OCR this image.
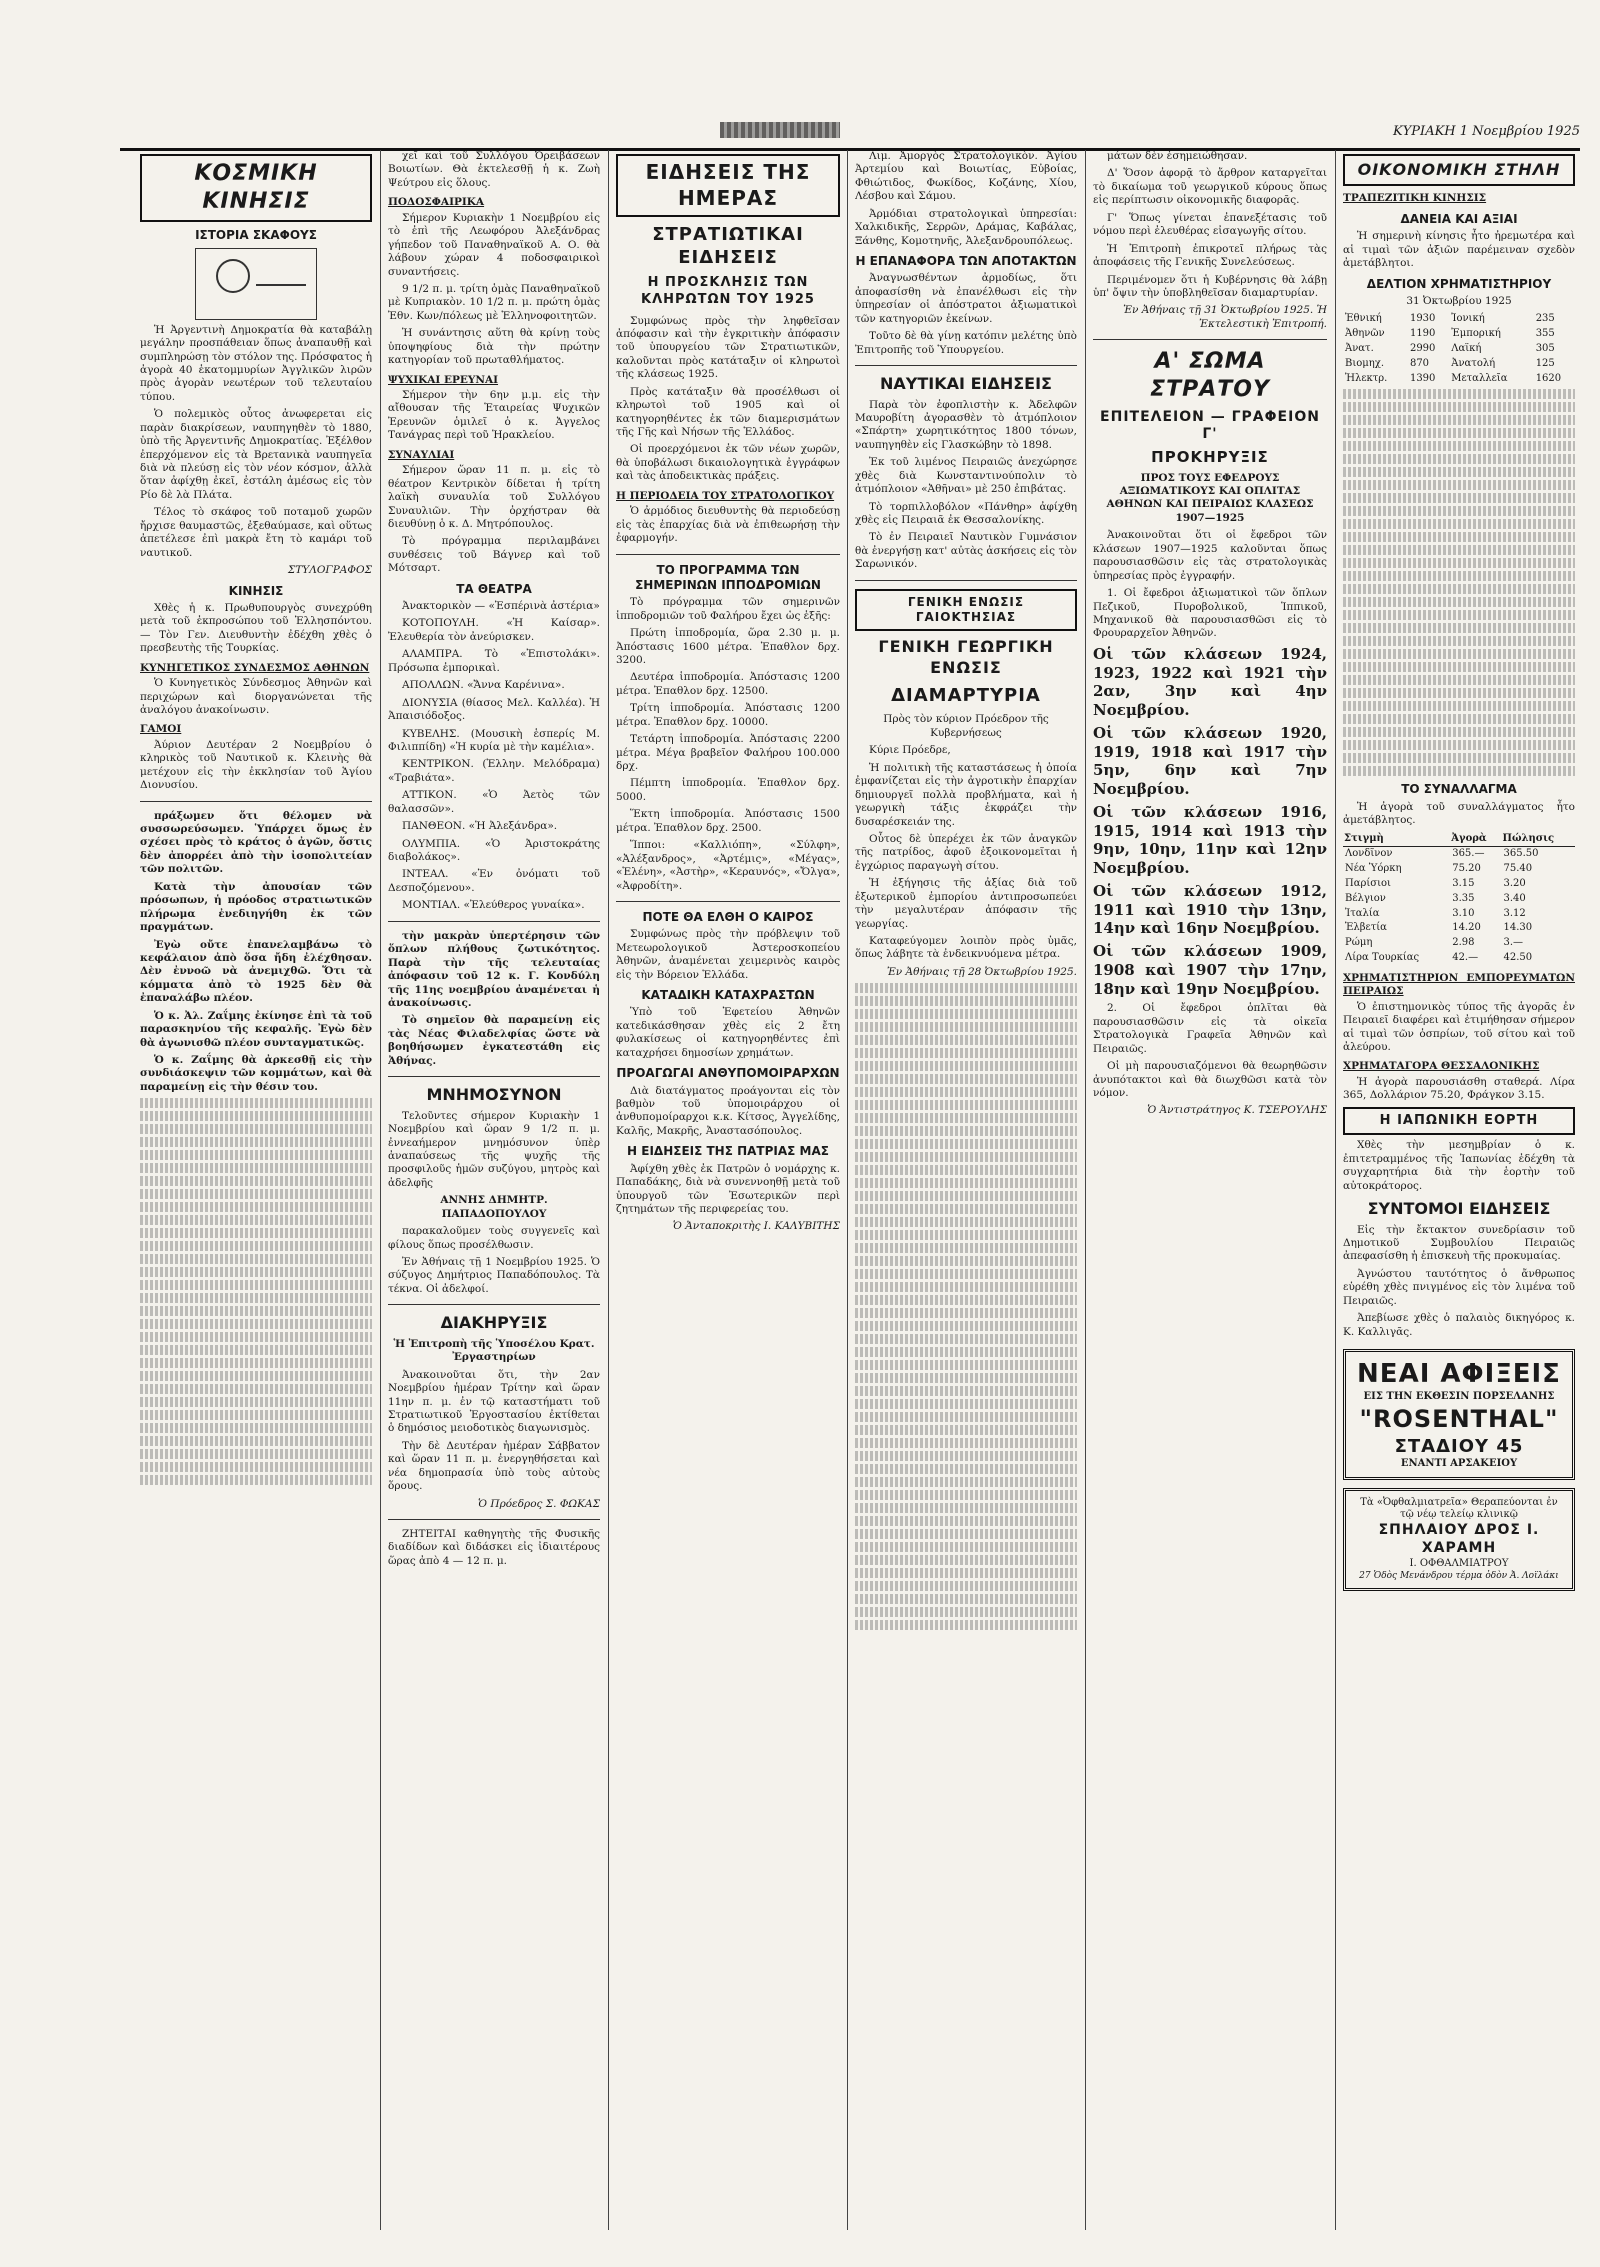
ΚΥΡΙΑΚΗ 1 Νοεμβρίου 1925
ΚΟΣΜΙΚΗ ΚΙΝΗΣΙΣ
ΙΣΤΟΡΙΑ ΣΚΑΦΟΥΣ

Ἡ Ἀργεντινὴ Δημοκρατία θὰ καταβάλῃ μεγάλην προσπάθειαν ὅπως ἀναπαυθῇ καὶ συμπληρώσῃ τὸν στόλον της. Πρόσφατος ἡ ἀγορὰ 40 ἑκατομμυρίων Ἀγγλικῶν λιρῶν πρὸς ἀγορὰν νεωτέρων τοῦ τελευταίου τύπου.

Ὁ πολεμικὸς οὗτος ἀνωφερεται εἰς παρὰν διακρίσεων, ναυπηγηθὲν τὸ 1880, ὑπὸ τῆς Ἀργεντινῆς Δημοκρατίας. Ἐξέλθον ἐπερχόμενον εἰς τὰ Βρετανικὰ ναυπηγεῖα διὰ νὰ πλεύσῃ εἰς τὸν νέον κόσμον, ἀλλὰ ὅταν ἀφίχθῃ ἐκεῖ, ἐστάλη ἀμέσως εἰς τὸν Ρίο δὲ λὰ Πλάτα.

Τέλος τὸ σκάφος τοῦ ποταμοῦ χωρῶν ἤρχισε θαυμαστῶς, ἐξεθαύμασε, καὶ οὕτως ἀπετέλεσε ἐπὶ μακρὰ ἔτη τὸ καμάρι τοῦ ναυτικοῦ.

ΣΤΥΛΟΓΡΑΦΟΣ

ΚΙΝΗΣΙΣ

Χθὲς ἡ κ. Πρωθυπουργὸς συνεχρύθη μετὰ τοῦ ἐκπροσώπου τοῦ Ἑλλησπόντου. — Τὸν Γεν. Διευθυντὴν ἐδέχθη χθὲς ὁ πρεσβευτὴς τῆς Τουρκίας.

ΚΥΝΗΓΕΤΙΚΟΣ ΣΥΝΔΕΣΜΟΣ ΑΘΗΝΩΝ

Ὁ Κυνηγετικὸς Σύνδεσμος Ἀθηνῶν καὶ περιχώρων καὶ διοργανώνεται τῆς ἀναλόγου ἀνακοίνωσιν.

ΓΑΜΟΙ

Ἀύριον Δευτέραν 2 Νοεμβρίου ὁ κληρικὸς τοῦ Ναυτικοῦ κ. Κλεινὴς θὰ μετέχουν εἰς τὴν ἐκκλησίαν τοῦ Ἁγίου Διονυσίου.

πράξωμεν ὅτι θέλομεν νὰ συσσωρεύσωμεν. Ὑπάρχει ὅμως ἐν σχέσει πρὸς τὸ κράτος ὁ ἀγῶν, ὅστις δὲν ἀπορρέει ἀπὸ τὴν ἰσοπολιτείαν τῶν πολιτῶν.

Κατὰ τὴν ἀπουσίαν τῶν πρόσωπων, ἡ πρόοδος στρατιωτικῶν πλήρωμα ἐνεδιηγήθη ἐκ τῶν πραγμάτων.

Ἐγὼ οὔτε ἐπανελαμβάνω τὸ κεφάλαιον ἀπὸ ὅσα ἤδη ἐλέχθησαν. Δὲν ἐννοῶ νὰ ἀνεμιχθῶ. Ὅτι τὰ κόμματα ἀπὸ τὸ 1925 δὲν θὰ ἐπαναλάβω πλέον.

Ὁ κ. Ἀλ. Ζαΐμης ἐκίνησε ἐπὶ τὰ τοῦ παρασκηνίου τῆς κεφαλῆς. Ἐγὼ δὲν θὰ ἀγωνισθῶ πλέον συνταγματικῶς.

Ὁ κ. Ζαΐμης θὰ ἀρκεσθῇ εἰς τὴν συνδιάσκεψιν τῶν κομμάτων, καὶ θὰ παραμείνῃ εἰς τὴν θέσιν του.

χεῖ καὶ τοῦ Συλλόγου Ὀρειβάσεων Βοιωτίων. Θὰ ἐκτελεσθῇ ἡ κ. Ζωὴ Ψεύτρου εἰς ὅλους.

ΠΟΔΟΣΦΑΙΡΙΚΑ

Σήμερον Κυριακὴν 1 Νοεμβρίου εἰς τὸ ἐπὶ τῆς Λεωφόρου Ἀλεξάνδρας γήπεδον τοῦ Παναθηναϊκοῦ Α. Ο. θὰ λάβουν χώραν 4 ποδοσφαιρικοὶ συναντήσεις.

9 1/2 π. μ. τρίτη ὁμὰς Παναθηναϊκοῦ μὲ Κυπριακὸν. 10 1/2 π. μ. πρώτη ὁμὰς Ἐθν. Κων/πόλεως μὲ Ἑλληνοφοιτητῶν.

Ἡ συνάντησις αὕτη θὰ κρίνῃ τοὺς ὑποψηφίους διὰ τὴν πρώτην κατηγορίαν τοῦ πρωταθλήματος.

ΨΥΧΙΚΑΙ ΕΡΕΥΝΑΙ

Σήμερον τὴν 6ην μ.μ. εἰς τὴν αἴθουσαν τῆς Ἑταιρείας Ψυχικῶν Ἐρευνῶν ὁμιλεῖ ὁ κ. Ἀγγελος Τανάγρας περὶ τοῦ Ἡρακλείου.

ΣΥΝΑΥΛΙΑΙ

Σήμερον ὥραν 11 π. μ. εἰς τὸ θέατρον Κεντρικὸν δίδεται ἡ τρίτη λαϊκὴ συναυλία τοῦ Συλλόγου Συναυλιῶν. Τὴν ὀρχήστραν θὰ διευθύνῃ ὁ κ. Δ. Μητρόπουλος.

Τὸ πρόγραμμα περιλαμβάνει συνθέσεις τοῦ Βάγνερ καὶ τοῦ Μότσαρτ.

ΤΑ ΘΕΑΤΡΑ

Ἀνακτορικὸν — «Ἐσπέρινὰ ἀστέρια»

ΚΟΤΟΠΟΥΛΗ. «Ἡ Καίσαρ». Ἐλευθερία τὸν ἀνεύρισκεν.

ΑΛΑΜΠΡΑ. Τὸ «Ἐπιστολάκι». Πρόσωπα ἐμπορικαὶ.

ΑΠΟΛΛΩΝ. «Ἄννα Καρένινα».

ΔΙΟΝΥΣΙΑ (θίασος Μελ. Καλλέα). Ἡ Ἀπαισιόδοξος.

ΚΥΒΕΛΗΣ. (Μουσικὴ ἑσπερίς Μ. Φιλιππίδη) «Ἡ κυρία μὲ τὴν καμέλια».

ΚΕΝΤΡΙΚΟΝ. (Ἑλλην. Μελόδραμα) «Τραβιάτα».

ΑΤΤΙΚΟΝ. «Ὁ Ἀετὸς τῶν θαλασσῶν».

ΠΑΝΘΕΟΝ. «Ἡ Ἀλεξάνδρα».

ΟΛΥΜΠΙΑ. «Ὁ Ἀριστοκράτης διαβολάκος».

ΙΝΤΕΑΛ. «Ἐν ὀνόματι τοῦ Δεσποζόμενου».

ΜΟΝΤΙΑΛ. «Ἐλεύθερος γυναίκα».

τὴν μακρὰν ὑπερτέρησιν τῶν ὅπλων πλήθους ζωτικότητος. Παρὰ τὴν τῆς τελευταίας ἀπόφασιν τοῦ 12 κ. Γ. Κονδύλη τῆς 11ης νοεμβρίου ἀναμένεται ἡ ἀνακοίνωσις.

Τὸ σημεῖον θὰ παραμείνῃ εἰς τὰς Νέας Φιλαδελφίας ὥστε νὰ βοηθήσωμεν ἐγκατεστάθη εἰς Ἀθήνας.

ΜΝΗΜΟΣΥΝΟΝ

Τελοῦντες σήμερον Κυριακὴν 1 Νοεμβρίου καὶ ὥραν 9 1/2 π. μ. ἐννεαήμερον μνημόσυνον ὑπὲρ ἀναπαύσεως τῆς ψυχῆς τῆς προσφιλοῦς ἡμῶν συζύγου, μητρὸς καὶ ἀδελφῆς

ΑΝΝΗΣ ΔΗΜΗΤΡ. ΠΑΠΑΔΟΠΟΥΛΟΥ

παρακαλοῦμεν τοὺς συγγενεῖς καὶ φίλους ὅπως προσέλθωσιν.

Ἐν Ἀθήναις τῇ 1 Νοεμβρίου 1925. Ὁ σύζυγος Δημήτριος Παπαδόπουλος. Τὰ τέκνα. Οἱ ἀδελφοί.

ΔΙΑΚΗΡΥΞΙΣ

Ἡ Ἐπιτροπὴ τῆς Ὑποσέλου Κρατ. Ἐργαστηρίων

Ἀνακοινοῦται ὅτι, τὴν 2αν Νοεμβρίου ἡμέραν Τρίτην καὶ ὥραν 11ην π. μ. ἐν τῷ καταστήματι τοῦ Στρατιωτικοῦ Ἐργοστασίου ἐκτίθεται ὁ δημόσιος μειοδοτικὸς διαγωνισμὸς.

Τὴν δὲ Δευτέραν ἡμέραν Σάββατον καὶ ὥραν 11 π. μ. ἐνεργηθήσεται καὶ νέα δημοπρασία ὑπὸ τοὺς αὐτοὺς ὅρους.

Ὁ Πρόεδρος Σ. ΦΩΚΑΣ

ΖΗΤΕΙΤΑΙ καθηγητὴς τῆς Φυσικῆς διαδίδων καὶ διδάσκει εἰς ἰδιαιτέρους ὥρας ἀπὸ 4 — 12 π. μ.

ΕΙΔΗΣΕΙΣ ΤΗΣ ΗΜΕΡΑΣ
ΣΤΡΑΤΙΩΤΙΚΑΙ ΕΙΔΗΣΕΙΣ
Η ΠΡΟΣΚΛΗΣΙΣ ΤΩΝ ΚΛΗΡΩΤΩΝ ΤΟΥ 1925

Συμφώνως πρὸς τὴν ληφθεῖσαν ἀπόφασιν καὶ τὴν ἐγκριτικὴν ἀπόφασιν τοῦ ὑπουργείου τῶν Στρατιωτικῶν, καλοῦνται πρὸς κατάταξιν οἱ κληρωτοὶ τῆς κλάσεως 1925.

Πρὸς κατάταξιν θὰ προσέλθωσι οἱ κληρωτοὶ τοῦ 1905 καὶ οἱ κατηγορηθέντες ἐκ τῶν διαμερισμάτων τῆς Γῆς καὶ Νήσων τῆς Ἑλλάδος.

Οἱ προερχόμενοι ἐκ τῶν νέων χωρῶν, θὰ ὑποβάλωσι δικαιολογητικὰ ἐγγράφων καὶ τὰς ἀποδεικτικὰς πράξεις.

Η ΠΕΡΙΟΔΕΙΑ ΤΟΥ ΣΤΡΑΤΟΛΟΓΙΚΟΥ

Ὁ ἀρμόδιος διευθυντὴς θὰ περιοδεύσῃ εἰς τὰς ἐπαρχίας διὰ νὰ ἐπιθεωρήσῃ τὴν ἐφαρμογήν.

ΤΟ ΠΡΟΓΡΑΜΜΑ ΤΩΝ ΣΗΜΕΡΙΝΩΝ ΙΠΠΟΔΡΟΜΙΩΝ

Τὸ πρόγραμμα τῶν σημερινῶν ἱπποδρομιῶν τοῦ Φαλήρου ἔχει ὡς ἑξῆς:

Πρώτη ἱπποδρομία, ὥρα 2.30 μ. μ. Ἀπόστασις 1600 μέτρα. Ἐπαθλον δρχ. 3200.

Δευτέρα ἱπποδρομία. Ἀπόστασις 1200 μέτρα. Ἐπαθλον δρχ. 12500.

Τρίτη ἱπποδρομία. Ἀπόστασις 1200 μέτρα. Ἐπαθλον δρχ. 10000.

Τετάρτη ἱπποδρομία. Ἀπόστασις 2200 μέτρα. Μέγα βραβεῖον Φαλήρου 100.000 δρχ.

Πέμπτη ἱπποδρομία. Ἐπαθλον δρχ. 5000.

Ἕκτη ἱπποδρομία. Ἀπόστασις 1500 μέτρα. Ἐπαθλον δρχ. 2500.

Ἵπποι: «Καλλιόπη», «Σύλφη», «Ἀλέξανδρος», «Ἀρτέμις», «Μέγας», «Ἑλένη», «Ἀστὴρ», «Κεραυνός», «Ὄλγα», «Ἀφροδίτη».

ΠΟΤΕ ΘΑ ΕΛΘΗ Ο ΚΑΙΡΟΣ

Συμφώνως πρὸς τὴν πρόβλεψιν τοῦ Μετεωρολογικοῦ Ἀστεροσκοπείου Ἀθηνῶν, ἀναμένεται χειμερινὸς καιρὸς εἰς τὴν Βόρειον Ἑλλάδα.

ΚΑΤΑΔΙΚΗ ΚΑΤΑΧΡΑΣΤΩΝ

Ὑπὸ τοῦ Ἐφετείου Ἀθηνῶν κατεδικάσθησαν χθὲς εἰς 2 ἔτη φυλακίσεως οἱ κατηγορηθέντες ἐπὶ καταχρήσει δημοσίων χρημάτων.

ΠΡΟΑΓΩΓΑΙ ΑΝΘΥΠΟΜΟΙΡΑΡΧΩΝ

Διὰ διατάγματος προάγονται εἰς τὸν βαθμὸν τοῦ ὑπομοιράρχου οἱ ἀνθυπομοίραρχοι κ.κ. Κίτσος, Ἀγγελίδης, Καλῆς, Μακρῆς, Ἀναστασόπουλος.

Η ΕΙΔΗΣΕΙΣ ΤΗΣ ΠΑΤΡΙΑΣ ΜΑΣ

Ἀφίχθη χθὲς ἐκ Πατρῶν ὁ νομάρχης κ. Παπαδάκης, διὰ νὰ συνεννοηθῇ μετὰ τοῦ ὑπουργοῦ τῶν Ἐσωτερικῶν περὶ ζητημάτων τῆς περιφερείας του.

Ὁ Ἀνταποκριτὴς Ι. ΚΑΛΥΒΙΤΗΣ

Λιμ. Ἀμοργὸς Στρατολογικὸν. Ἀγίου Ἀρτεμίου καὶ Βοιωτίας, Εὐβοίας, Φθιώτιδος, Φωκίδος, Κοζάνης, Χίου, Λέσβου καὶ Σάμου.

Ἀρμόδιαι στρατολογικαὶ ὑπηρεσίαι: Χαλκιδικῆς, Σερρῶν, Δράμας, Καβάλας, Ξάνθης, Κομοτηνῆς, Ἀλεξανδρουπόλεως.

Η ΕΠΑΝΑΦΟΡΑ ΤΩΝ ΑΠΟΤΑΚΤΩΝ

Ἀναγνωσθέντων ἀρμοδίως, ὅτι ἀποφασίσθη νὰ ἐπανέλθωσι εἰς τὴν ὑπηρεσίαν οἱ ἀπόστρατοι ἀξιωματικοὶ τῶν κατηγοριῶν ἐκείνων.

Τοῦτο δὲ θὰ γίνῃ κατόπιν μελέτης ὑπὸ Ἐπιτροπῆς τοῦ Ὑπουργείου.

ΝΑΥΤΙΚΑΙ ΕΙΔΗΣΕΙΣ

Παρὰ τὸν ἐφοπλιστὴν κ. Ἀδελφῶν Μαυροβίτη ἀγορασθὲν τὸ ἀτμόπλοιον «Σπάρτη» χωρητικότητος 1800 τόνων, ναυπηγηθὲν εἰς Γλασκώβην τὸ 1898.

Ἐκ τοῦ λιμένος Πειραιῶς ἀνεχώρησε χθὲς διὰ Κωνσταντινούπολιν τὸ ἀτμόπλοιον «Ἀθῆναι» μὲ 250 ἐπιβάτας.

Τὸ τορπιλλοβόλον «Πάνθηρ» ἀφίχθη χθὲς εἰς Πειραιᾶ ἐκ Θεσσαλονίκης.

Τὸ ἐν Πειραιεῖ Ναυτικὸν Γυμνάσιον θὰ ἐνεργήσῃ κατ' αὐτὰς ἀσκήσεις εἰς τὸν Σαρωνικόν.

ΓΕΝΙΚΗ ΕΝΩΣΙΣ ΓΑΙΟΚΤΗΣΙΑΣ
ΓΕΝΙΚΗ ΓΕΩΡΓΙΚΗ ΕΝΩΣΙΣ
ΔΙΑΜΑΡΤΥΡΙΑ

Πρὸς τὸν κύριον Πρόεδρον τῆς Κυβερνήσεως

Κύριε Πρόεδρε,

Ἡ πολιτικὴ τῆς καταστάσεως ἡ ὁποία ἐμφανίζεται εἰς τὴν ἀγροτικὴν ἐπαρχίαν δημιουργεῖ πολλὰ προβλήματα, καὶ ἡ γεωργικὴ τάξις ἐκφράζει τὴν δυσαρέσκειάν της.

Οὗτος δὲ ὑπερέχει ἐκ τῶν ἀναγκῶν τῆς πατρίδος, ἀφοῦ ἐξοικονομεῖται ἡ ἐγχώριος παραγωγὴ σίτου.

Ἡ ἐξήγησις τῆς ἀξίας διὰ τοῦ ἐξωτερικοῦ ἐμπορίου ἀντιπροσωπεύει τὴν μεγαλυτέραν ἀπόφασιν τῆς γεωργίας.

Καταφεύγομεν λοιπὸν πρὸς ὑμᾶς, ὅπως λάβητε τὰ ἐνδεικνυόμενα μέτρα.

Ἐν Ἀθήναις τῇ 28 Ὀκτωβρίου 1925.

μάτων δὲν ἐσημειώθησαν.

Δ' Ὅσον ἀφορᾷ τὸ ἄρθρον καταργεῖται τὸ δικαίωμα τοῦ γεωργικοῦ κύρους ὅπως εἰς περίπτωσιν οἰκονομικῆς διαφορᾶς.

Γ' Ὅπως γίνεται ἐπανεξέτασις τοῦ νόμου περὶ ἐλευθέρας εἰσαγωγῆς σίτου.

Ἡ Ἐπιτροπὴ ἐπικροτεῖ πλήρως τὰς ἀποφάσεις τῆς Γενικῆς Συνελεύσεως.

Περιμένομεν ὅτι ἡ Κυβέρνησις θὰ λάβῃ ὑπ' ὄψιν τὴν ὑποβληθεῖσαν διαμαρτυρίαν.

Ἐν Ἀθήναις τῇ 31 Ὀκτωβρίου 1925. Ἡ Ἐκτελεστικὴ Ἐπιτροπή.

Α' ΣΩΜΑ ΣΤΡΑΤΟΥ
ΕΠΙΤΕΛΕΙΟΝ — ΓΡΑΦΕΙΟΝ Γ'
ΠΡΟΚΗΡΥΞΙΣ

ΠΡΟΣ ΤΟΥΣ ΕΦΕΔΡΟΥΣ ΑΞΙΩΜΑΤΙΚΟΥΣ ΚΑΙ ΟΠΛΙΤΑΣ ΑΘΗΝΩΝ ΚΑΙ ΠΕΙΡΑΙΩΣ ΚΛΑΣΕΩΣ 1907—1925

Ἀνακοινοῦται ὅτι οἱ ἔφεδροι τῶν κλάσεων 1907—1925 καλοῦνται ὅπως παρουσιασθῶσιν εἰς τὰς στρατολογικὰς ὑπηρεσίας πρὸς ἐγγραφήν.

1. Οἱ ἔφεδροι ἀξιωματικοὶ τῶν ὅπλων Πεζικοῦ, Πυροβολικοῦ, Ἱππικοῦ, Μηχανικοῦ θὰ παρουσιασθῶσι εἰς τὸ Φρουραρχεῖον Ἀθηνῶν.

Οἱ τῶν κλάσεων 1924, 1923, 1922 καὶ 1921 τὴν 2αν, 3ην καὶ 4ην Νοεμβρίου.

Οἱ τῶν κλάσεων 1920, 1919, 1918 καὶ 1917 τὴν 5ην, 6ην καὶ 7ην Νοεμβρίου.

Οἱ τῶν κλάσεων 1916, 1915, 1914 καὶ 1913 τὴν 9ην, 10ην, 11ην καὶ 12ην Νοεμβρίου.

Οἱ τῶν κλάσεων 1912, 1911 καὶ 1910 τὴν 13ην, 14ην καὶ 16ην Νοεμβρίου.

Οἱ τῶν κλάσεων 1909, 1908 καὶ 1907 τὴν 17ην, 18ην καὶ 19ην Νοεμβρίου.

2. Οἱ ἔφεδροι ὁπλῖται θὰ παρουσιασθῶσιν εἰς τὰ οἰκεῖα Στρατολογικὰ Γραφεῖα Ἀθηνῶν καὶ Πειραιῶς.

Οἱ μὴ παρουσιαζόμενοι θὰ θεωρηθῶσιν ἀνυπότακτοι καὶ θὰ διωχθῶσι κατὰ τὸν νόμον.

Ὁ Ἀντιστράτηγος Κ. ΤΣΕΡΟΥΛΗΣ

ΟΙΚΟΝΟΜΙΚΗ ΣΤΗΛΗ
ΤΡΑΠΕΖΙΤΙΚΗ ΚΙΝΗΣΙΣ
ΔΑΝΕΙΑ ΚΑΙ ΑΞΙΑΙ

Ἡ σημερινὴ κίνησις ἦτο ἠρεμωτέρα καὶ αἱ τιμαὶ τῶν ἀξιῶν παρέμειναν σχεδὸν ἀμετάβλητοι.

ΔΕΛΤΙΟΝ ΧΡΗΜΑΤΙΣΤΗΡΙΟΥ

31 Ὀκτωβρίου 1925

Ἐθνική	1930	Ἰονική	235
Ἀθηνῶν	1190	Ἐμπορική	355
Ἀνατ.	2990	Λαϊκή	305
Βιομηχ.	870	Ἀνατολή	125
Ἠλεκτρ.	1390	Μεταλλεῖα	1620
ΤΟ ΣΥΝΑΛΛΑΓΜΑ

Ἡ ἀγορὰ τοῦ συναλλάγματος ἦτο ἀμετάβλητος.

Στιγμὴ	Ἀγορὰ	Πώλησις
Λονδῖνον	365.—	365.50
Νέα Ὑόρκη	75.20	75.40
Παρίσιοι	3.15	3.20
Βέλγιον	3.35	3.40
Ἰταλία	3.10	3.12
Ἑλβετία	14.20	14.30
Ρώμη	2.98	3.—
Λίρα Τουρκίας	42.—	42.50
ΧΡΗΜΑΤΙΣΤΗΡΙΟΝ ΕΜΠΟΡΕΥΜΑΤΩΝ ΠΕΙΡΑΙΩΣ

Ὁ ἐπιστημονικὸς τύπος τῆς ἀγορᾶς ἐν Πειραιεῖ διαφέρει καὶ ἐτιμήθησαν σήμερον αἱ τιμαὶ τῶν ὀσπρίων, τοῦ σίτου καὶ τοῦ ἀλεύρου.

ΧΡΗΜΑΤΑΓΟΡΑ ΘΕΣΣΑΛΟΝΙΚΗΣ

Ἡ ἀγορὰ παρουσιάσθη σταθερά. Λίρα 365, Δολλάριον 75.20, Φράγκον 3.15.

Η ΙΑΠΩΝΙΚΗ ΕΟΡΤΗ

Χθὲς τὴν μεσημβρίαν ὁ κ. ἐπιτετραμμένος τῆς Ἰαπωνίας ἐδέχθη τὰ συγχαρητήρια διὰ τὴν ἑορτὴν τοῦ αὐτοκράτορος.

ΣΥΝΤΟΜΟΙ ΕΙΔΗΣΕΙΣ

Εἰς τὴν ἔκτακτον συνεδρίασιν τοῦ Δημοτικοῦ Συμβουλίου Πειραιῶς ἀπεφασίσθη ἡ ἐπισκευὴ τῆς προκυμαίας.

Ἀγνώστου ταυτότητος ὁ ἄνθρωπος εὑρέθη χθὲς πνιγμένος εἰς τὸν λιμένα τοῦ Πειραιῶς.

Ἀπεβίωσε χθὲς ὁ παλαιὸς δικηγόρος κ. Κ. Καλλιγᾶς.

ΝΕΑΙ ΑΦΙΞΕΙΣ
ΕΙΣ ΤΗΝ ΕΚΘΕΣΙΝ ΠΟΡΣΕΛΑΝΗΣ
"ROSENTHAL"
ΣΤΑΔΙΟΥ 45
ΕΝΑΝΤΙ ΑΡΣΑΚΕΙΟΥ
Τὰ «Ὀφθαλμιατρεῖα» Θεραπεύονται ἐν τῷ νέῳ τελείῳ κλινικῷ
ΣΠΗΛΑΙΟΥ ΔΡΟΣ Ι. ΧΑΡΑΜΗ
Ι. ΟΦΘΑΛΜΙΑΤΡΟΥ
27 Ὁδὸς Μενάνδρου τέρμα ὀδὸν Ἀ. Λοϊλάκι
